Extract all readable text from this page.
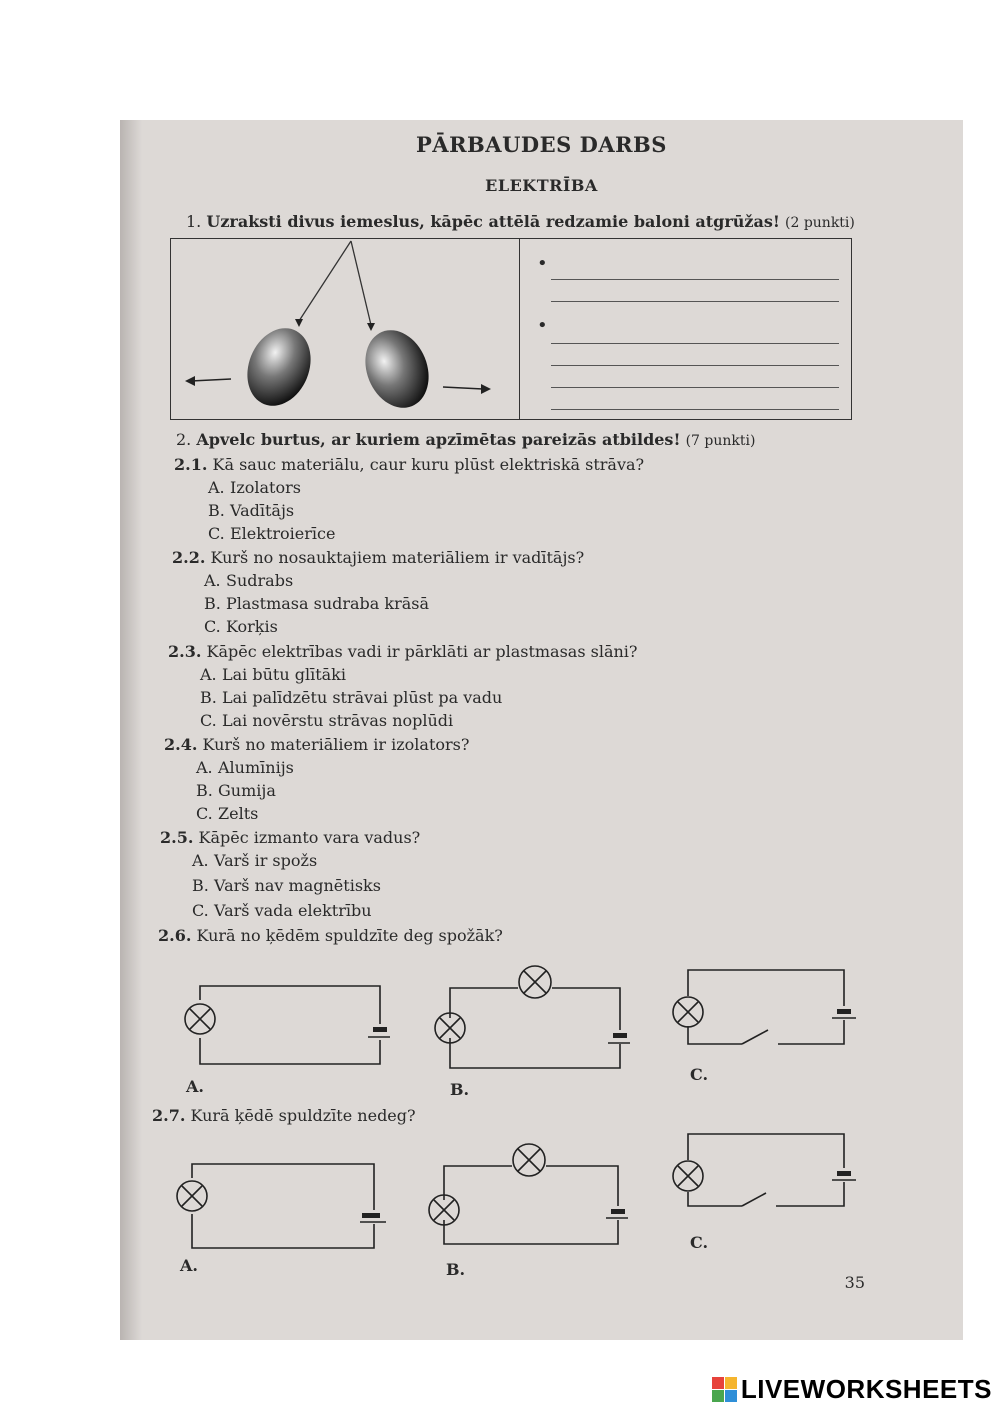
PĀRBAUDES DARBS
ELEKTRĪBA
1. Uzraksti divus iemeslus, kāpēc attēlā redzamie baloni atgrūžas! (2 punkti)
•
•
2. Apvelc burtus, ar kuriem apzīmētas pareizās atbildes! (7 punkti)
2.1. Kā sauc materiālu, caur kuru plūst elektriskā strāva?
A. Izolators
B. Vadītājs
C. Elektroierīce
2.2. Kurš no nosauktajiem materiāliem ir vadītājs?
A. Sudrabs
B. Plastmasa sudraba krāsā
C. Korķis
2.3. Kāpēc elektrības vadi ir pārklāti ar plastmasas slāni?
A. Lai būtu glītāki
B. Lai palīdzētu strāvai plūst pa vadu
C. Lai novērstu strāvas noplūdi
2.4. Kurš no materiāliem ir izolators?
A. Alumīnijs
B. Gumija
C. Zelts
2.5. Kāpēc izmanto vara vadus?
A. Varš ir spožs
B. Varš nav magnētisks
C. Varš vada elektrību
2.6. Kurā no ķēdēm spuldzīte deg spožāk?
A.	B.
C.
2.7. Kurā ķēdē spuldzīte nedeg?
A.	B.
C.
35
LIVEWORKSHEETS
